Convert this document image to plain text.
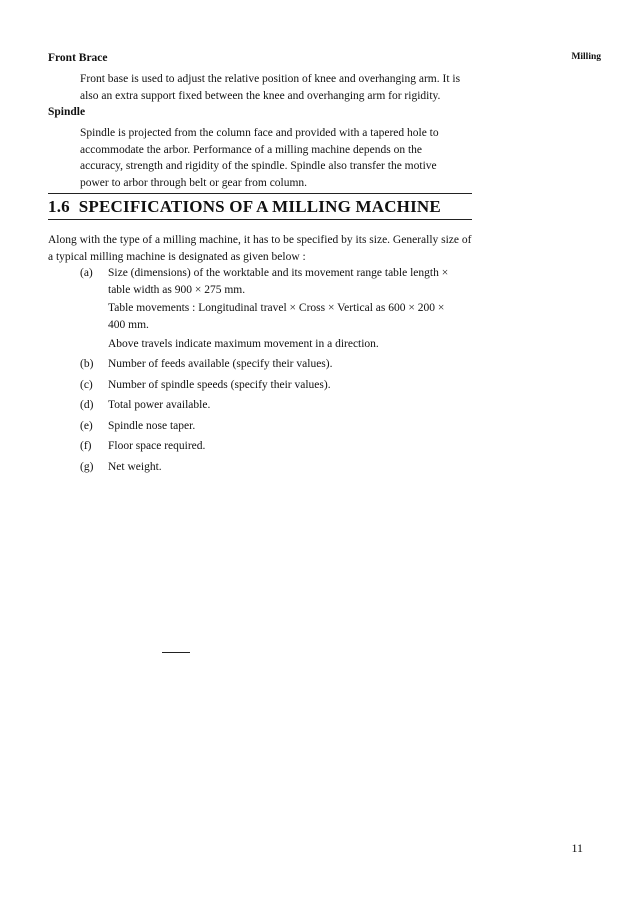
Milling
Front Brace
Front base is used to adjust the relative position of knee and overhanging arm. It is also an extra support fixed between the knee and overhanging arm for rigidity.
Spindle
Spindle is projected from the column face and provided with a tapered hole to accommodate the arbor. Performance of a milling machine depends on the accuracy, strength and rigidity of the spindle. Spindle also transfer the motive power to arbor through belt or gear from column.
1.6 SPECIFICATIONS OF A MILLING MACHINE
Along with the type of a milling machine, it has to be specified by its size. Generally size of a typical milling machine is designated as given below :
(a)	Size (dimensions) of the worktable and its movement range table length × table width as 900 × 275 mm.
Table movements : Longitudinal travel × Cross × Vertical as 600 × 200 × 400 mm.
Above travels indicate maximum movement in a direction.
(b)	Number of feeds available (specify their values).
(c)	Number of spindle speeds (specify their values).
(d)	Total power available.
(e)	Spindle nose taper.
(f)	Floor space required.
(g)	Net weight.
11
